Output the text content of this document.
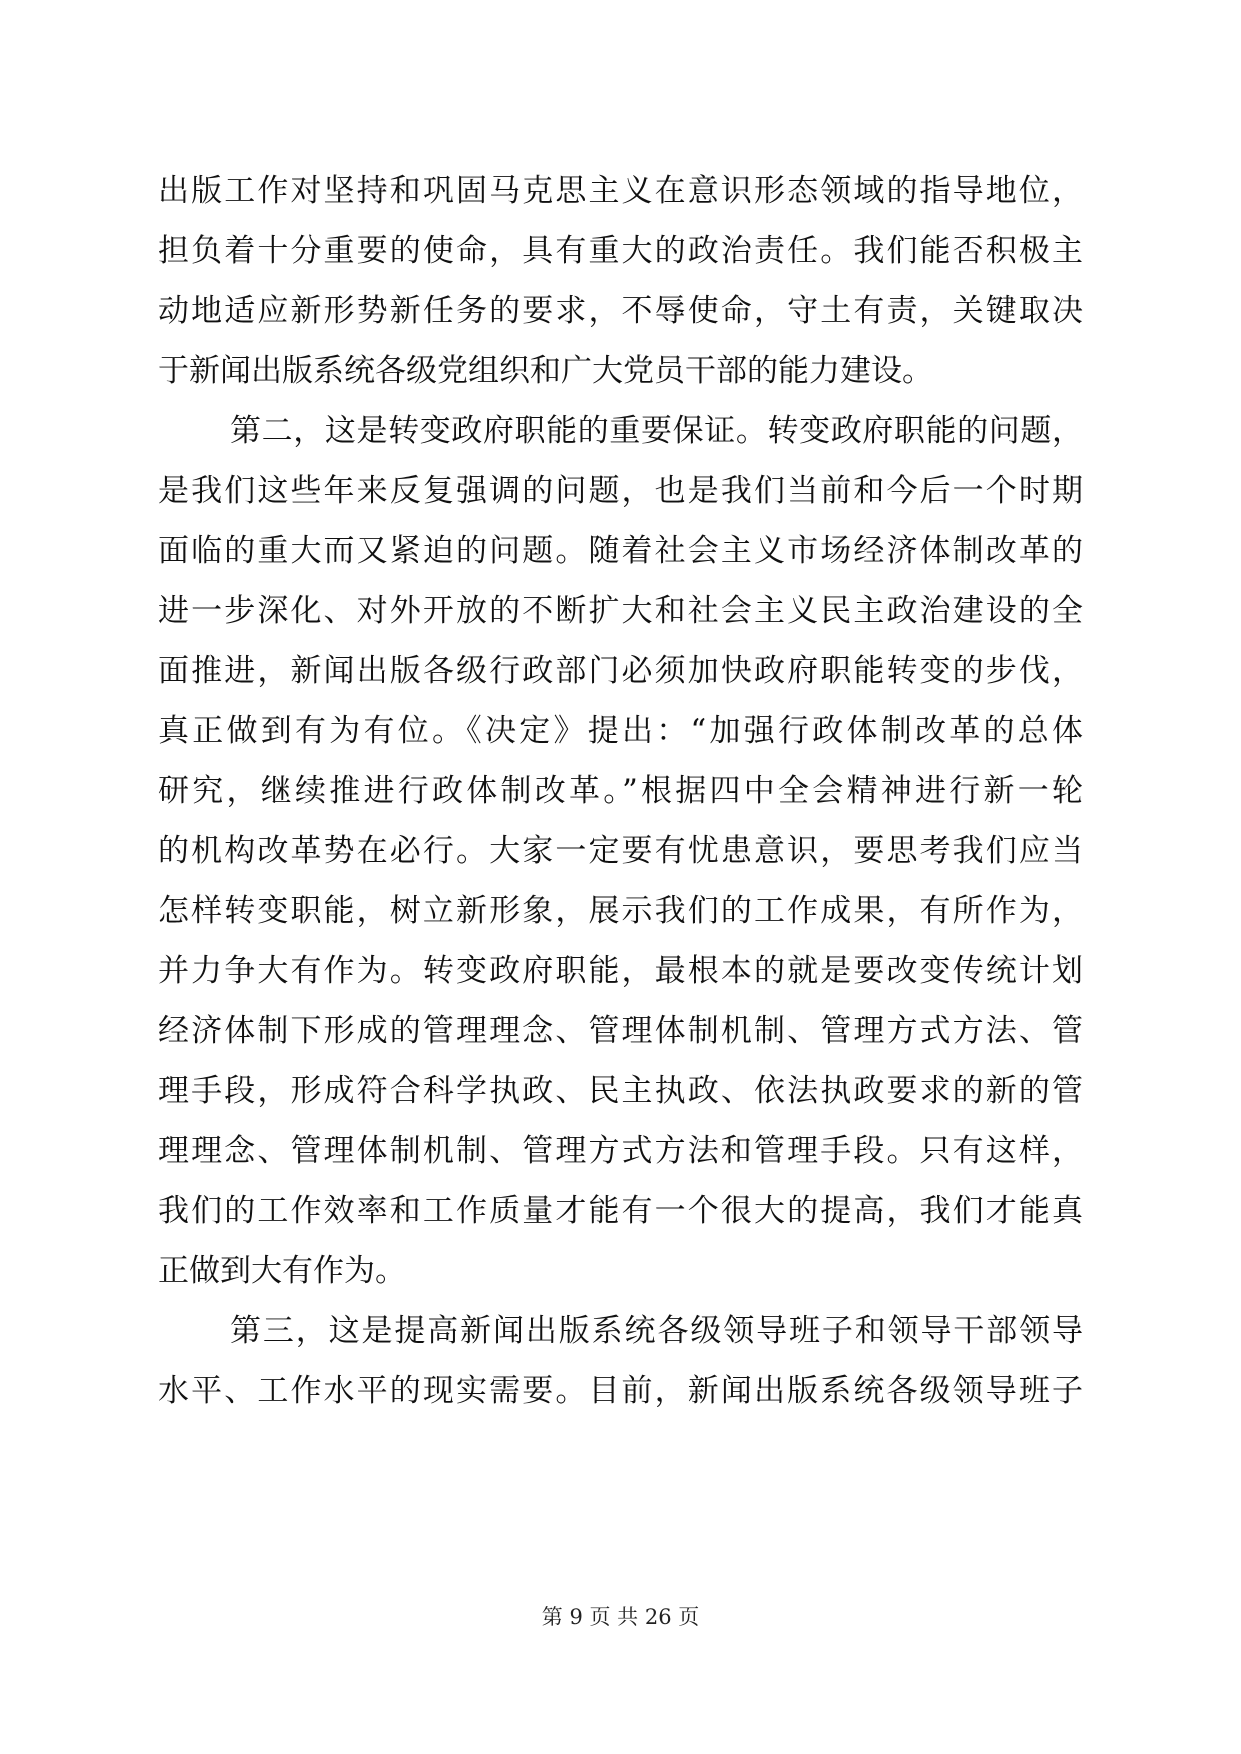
出版工作对坚持和巩固马克思主义在意识形态领域的指导地位，
担负着十分重要的使命，具有重大的政治责任。我们能否积极主
动地适应新形势新任务的要求，不辱使命，守土有责，关键取决
于新闻出版系统各级党组织和广大党员干部的能力建设。
第二，这是转变政府职能的重要保证。转变政府职能的问题，
是我们这些年来反复强调的问题，也是我们当前和今后一个时期
面临的重大而又紧迫的问题。随着社会主义市场经济体制改革的
进一步深化、对外开放的不断扩大和社会主义民主政治建设的全
面推进，新闻出版各级行政部门必须加快政府职能转变的步伐，
真正做到有为有位。《决定》提出：“加强行政体制改革的总体
研究，继续推进行政体制改革。”根据四中全会精神进行新一轮
的机构改革势在必行。大家一定要有忧患意识，要思考我们应当
怎样转变职能，树立新形象，展示我们的工作成果，有所作为，
并力争大有作为。转变政府职能，最根本的就是要改变传统计划
经济体制下形成的管理理念、管理体制机制、管理方式方法、管
理手段，形成符合科学执政、民主执政、依法执政要求的新的管
理理念、管理体制机制、管理方式方法和管理手段。只有这样，
我们的工作效率和工作质量才能有一个很大的提高，我们才能真
正做到大有作为。
第三，这是提高新闻出版系统各级领导班子和领导干部领导
水平、工作水平的现实需要。目前，新闻出版系统各级领导班子
第 9 页 共 26 页
